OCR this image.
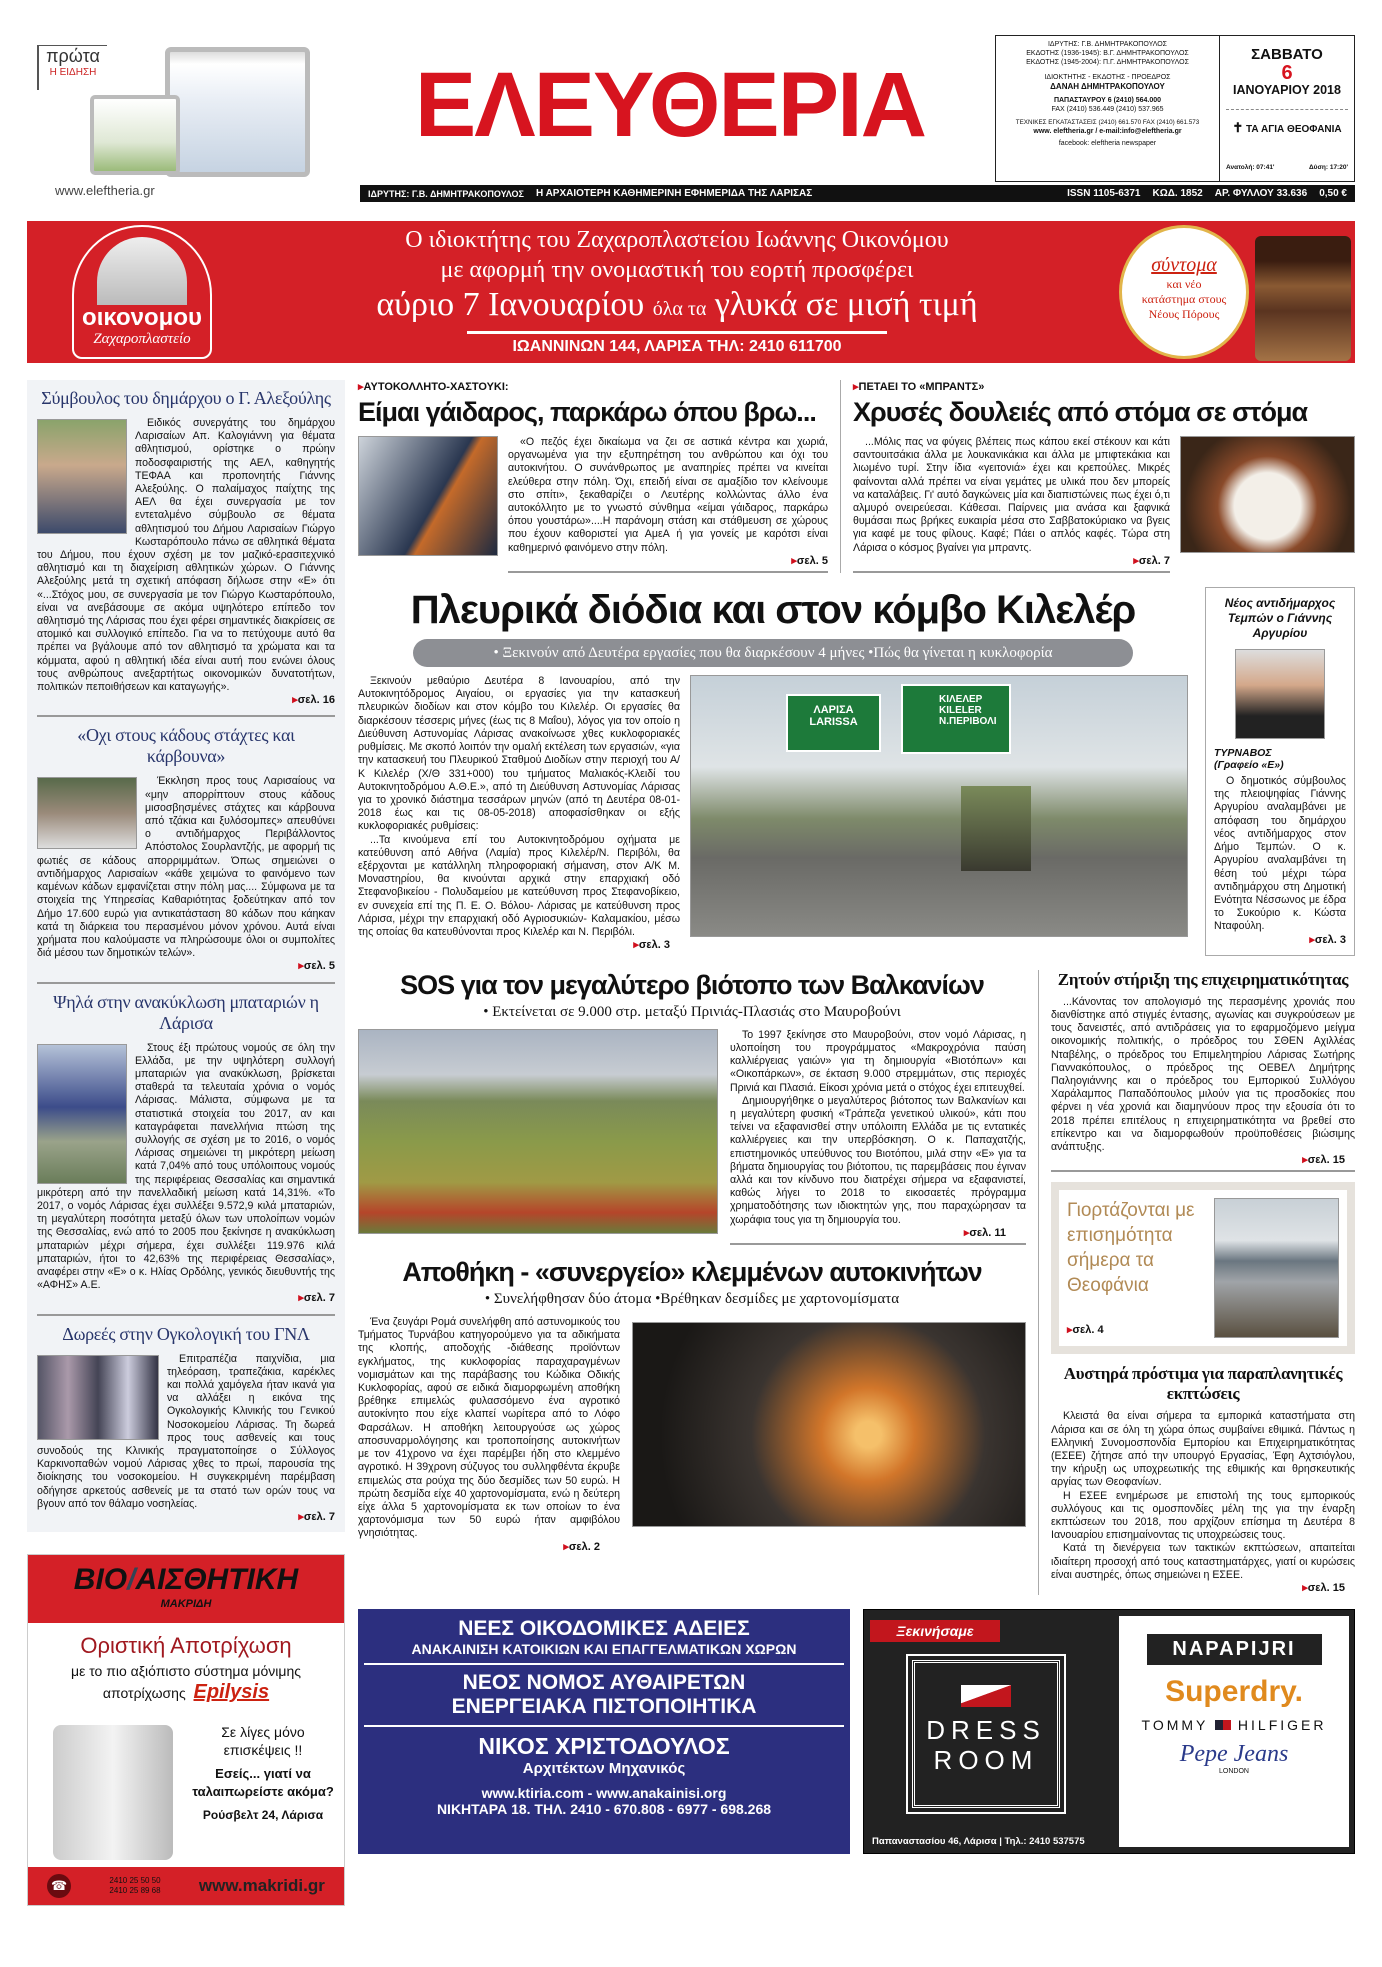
πρώτα
Η ΕΙΔΗΣΗ
www.eleftheria.gr
ΕΛΕΥΘΕΡΙΑ
ΙΔΡΥΤΗΣ: Γ.Β. ΔΗΜΗΤΡΑΚΟΠΟΥΛΟΣ
ΕΚΔΟΤΗΣ (1936-1945): Β.Γ. ΔΗΜΗΤΡΑΚΟΠΟΥΛΟΣ
ΕΚΔΟΤΗΣ (1945-2004): Π.Γ. ΔΗΜΗΤΡΑΚΟΠΟΥΛΟΣ
ΙΔΙΟΚΤΗΤΗΣ - ΕΚΔΟΤΗΣ - ΠΡΟΕΔΡΟΣ
ΔΑΝΑΗ ΔΗΜΗΤΡΑΚΟΠΟΥΛΟΥ
ΠΑΠΑΣΤΑΥΡΟΥ 6 (2410) 564.000
FAX (2410) 536.449 (2410) 537.965
ΤΕΧΝΙΚΕΣ ΕΓΚΑΤΑΣΤΑΣΕΙΣ (2410) 661.570 FAX (2410) 661.573
www. eleftheria.gr / e-mail:info@eleftheria.gr
facebook: eleftheria newspaper
ΣΑΒΒΑΤΟ
6
ΙΑΝΟΥΑΡΙΟΥ 2018
✝ ΤΑ ΑΓΙΑ ΘΕΟΦΑΝΙΑ
Ανατολή: 07:41'	Δύση: 17:20'
ΙΔΡΥΤΗΣ: Γ.Β. ΔΗΜΗΤΡΑΚΟΠΟΥΛΟΣ Η ΑΡΧΑΙΟΤΕΡΗ ΚΑΘΗΜΕΡΙΝΗ ΕΦΗΜΕΡΙΔΑ ΤΗΣ ΛΑΡΙΣΑΣ	ISSN 1105-6371 ΚΩΔ. 1852 ΑΡ. ΦΥΛΛΟΥ 33.636 0,50 €
οικονομου
Ζαχαροπλαστείο
Ο ιδιοκτήτης του Ζαχαροπλαστείου Ιωάννης Οικονόμου
με αφορμή την ονομαστική του εορτή προσφέρει
αύριο 7 Ιανουαρίου όλα τα γλυκά σε μισή τιμή
ΙΩΑΝΝΙΝΩΝ 144, ΛΑΡΙΣΑ ΤΗΛ: 2410 611700
σύντομα
και νέο κατάστημα στους Νέους Πόρους
Σύμβουλος του δημάρχου ο Γ. Αλεξούλης

Ειδικός συνεργάτης του δημάρχου Λαρισαίων Απ. Καλογιάννη για θέματα αθλητισμού, ορίστηκε ο πρώην ποδοσφαιριστής της ΑΕΛ, καθηγητής ΤΕΦΑΑ και προπονητής Γιάννης Αλεξούλης. Ο παλαίμαχος παίχτης της ΑΕΛ θα έχει συνεργασία με τον εντεταλμένο σύμβουλο σε θέματα αθλητισμού του Δήμου Λαρισαίων Γιώργο Κωσταρόπουλο πάνω σε αθλητικά θέματα του Δήμου, που έχουν σχέση με τον μαζικό-ερασιτεχνικό αθλητισμό και τη διαχείριση αθλητικών χώρων. Ο Γιάννης Αλεξούλης μετά τη σχετική απόφαση δήλωσε στην «Ε» ότι «...Στόχος μου, σε συνεργασία με τον Γιώργο Κωσταρόπουλο, είναι να ανεβάσουμε σε ακόμα υψηλότερο επίπεδο τον αθλητισμό της Λάρισας που έχει φέρει σημαντικές διακρίσεις σε ατομικό και συλλογικό επίπεδο. Για να το πετύχουμε αυτό θα πρέπει να βγάλουμε από τον αθλητισμό τα χρώματα και τα κόμματα, αφού η αθλητική ιδέα είναι αυτή που ενώνει όλους τους ανθρώπους ανεξαρτήτως οικονομικών δυνατοτήτων, πολιτικών πεποιθήσεων και καταγωγής».

▸ σελ. 16
«Οχι στους κάδους στάχτες και κάρβουνα»

Έκκληση προς τους Λαρισαίους να «μην απορρίπτουν στους κάδους μισοσβησμένες στάχτες και κάρβουνα από τζάκια και ξυλόσομπες» απευθύνει ο αντιδήμαρχος Περιβάλλοντος Απόστολος Σουρλαντζής, με αφορμή τις φωτιές σε κάδους απορριμμάτων. Όπως σημειώνει ο αντιδήμαρχος Λαρισαίων «κάθε χειμώνα το φαινόμενο των καμένων κάδων εμφανίζεται στην πόλη μας.... Σύμφωνα με τα στοιχεία της Υπηρεσίας Καθαριότητας ξοδεύτηκαν από τον Δήμο 17.600 ευρώ για αντικατάσταση 80 κάδων που κάηκαν κατά τη διάρκεια του περασμένου μόνον χρόνου. Αυτά είναι χρήματα που καλούμαστε να πληρώσουμε όλοι οι συμπολίτες διά μέσου των δημοτικών τελών».

▸ σελ. 5
Ψηλά στην ανακύκλωση μπαταριών η Λάρισα

Στους έξι πρώτους νομούς σε όλη την Ελλάδα, με την υψηλότερη συλλογή μπαταριών για ανακύκλωση, βρίσκεται σταθερά τα τελευταία χρόνια ο νομός Λάρισας. Μάλιστα, σύμφωνα με τα στατιστικά στοιχεία του 2017, αν και καταγράφεται πανελλήνια πτώση της συλλογής σε σχέση με το 2016, ο νομός Λάρισας σημειώνει τη μικρότερη μείωση κατά 7,04% από τους υπόλοιπους νομούς της περιφέρειας Θεσσαλίας και σημαντικά μικρότερη από την πανελλαδική μείωση κατά 14,31%. «Το 2017, ο νομός Λάρισας έχει συλλέξει 9.572,9 κιλά μπαταριών, τη μεγαλύτερη ποσότητα μεταξύ όλων των υπολοίπων νομών της Θεσσαλίας, ενώ από το 2005 που ξεκίνησε η ανακύκλωση μπαταριών μέχρι σήμερα, έχει συλλέξει 119.976 κιλά μπαταριών, ήτοι το 42,63% της περιφέρειας Θεσσαλίας», αναφέρει στην «Ε» ο κ. Ηλίας Ορδόλης, γενικός διευθυντής της «ΑΦΗΣ» Α.Ε.

▸ σελ. 7
Δωρεές στην Ογκολογική του ΓΝΛ

Επιτραπέζια παιχνίδια, μια τηλεόραση, τραπεζάκια, καρέκλες και πολλά χαμόγελα ήταν ικανά για να αλλάξει η εικόνα της Ογκολογικής Κλινικής του Γενικού Νοσοκομείου Λάρισας. Τη δωρεά προς τους ασθενείς και τους συνοδούς της Κλινικής πραγματοποίησε ο Σύλλογος Καρκινοπαθών νομού Λάρισας χθες το πρωί, παρουσία της διοίκησης του νοσοκομείου. Η συγκεκριμένη παρέμβαση οδήγησε αρκετούς ασθενείς με τα στατό των ορών τους να βγουν από τον θάλαμο νοσηλείας.

▸ σελ. 7
ΒΙΟ/ΑΙΣΘΗΤΙΚΗ
ΜΑΚΡΙΔΗ
Οριστική Αποτρίχωση
με το πιο αξιόπιστο σύστημα μόνιμης
αποτρίχωσης Epilysis
Σε λίγες μόνο επισκέψεις !!
Εσείς... γιατί να ταλαιπωρείστε ακόμα?
Ρούσβελτ 24, Λάρισα
☎	2410 25 50 50
2410 25 89 68 www.makridi.gr
▸ ΑΥΤΟΚΟΛΛΗΤΟ-ΧΑΣΤΟΥΚΙ:
Είμαι γάιδαρος, παρκάρω όπου βρω...

«Ο πεζός έχει δικαίωμα να ζει σε αστικά κέντρα και χωριά, οργανωμένα για την εξυπηρέτηση του ανθρώπου και όχι του αυτοκινήτου. Ο συνάνθρωπος με αναπηρίες πρέπει να κινείται ελεύθερα στην πόλη. Όχι, επειδή είναι σε αμαξίδιο τον κλείνουμε στο σπίτι», ξεκαθαρίζει ο Λευτέρης κολλώντας άλλο ένα αυτοκόλλητο με το γνωστό σύνθημα «είμαι γάιδαρος, παρκάρω όπου γουστάρω»....Η παράνομη στάση και στάθμευση σε χώρους που έχουν καθοριστεί για ΑμεΑ ή για γονείς με καρότσι είναι καθημερινό φαινόμενο στην πόλη.

▸ σελ. 5
▸ ΠΕΤΑΕΙ ΤΟ «ΜΠΡΑΝΤΣ»
Χρυσές δουλειές από στόμα σε στόμα

...Μόλις πας να φύγεις βλέπεις πως κάπου εκεί στέκουν και κάτι σαντουιτσάκια άλλα με λουκανικάκια και άλλα με μπιφτεκάκια και λιωμένο τυρί. Στην ίδια «γειτονιά» έχει και κρεπούλες. Μικρές φαίνονται αλλά πρέπει να είναι γεμάτες με υλικά που δεν μπορείς να καταλάβεις. Γι' αυτό δαγκώνεις μία και διαπιστώνεις πως έχει ό,τι αλμυρό ονειρεύεσαι. Κάθεσαι. Παίρνεις μια ανάσα και ξαφνικά θυμάσαι πως βρήκες ευκαιρία μέσα στο Σαββατοκύριακο να βγεις για καφέ με τους φίλους. Καφέ; Πάει ο απλός καφές. Τώρα στη Λάρισα ο κόσμος βγαίνει για μπραντς.

▸ σελ. 7
Πλευρικά διόδια και στον κόμβο Κιλελέρ
• Ξεκινούν από Δευτέρα εργασίες που θα διαρκέσουν 4 μήνες •Πώς θα γίνεται η κυκλοφορία

Ξεκινούν μεθαύριο Δευτέρα 8 Ιανουαρίου, από την Αυτοκινητόδρομος Αιγαίου, οι εργασίες για την κατασκευή πλευρικών διοδίων και στον κόμβο του Κιλελέρ. Οι εργασίες θα διαρκέσουν τέσσερις μήνες (έως τις 8 Μαΐου), λόγος για τον οποίο η Διεύθυνση Αστυνομίας Λάρισας ανακοίνωσε χθες κυκλοφοριακές ρυθμίσεις. Με σκοπό λοιπόν την ομαλή εκτέλεση των εργασιών, «για την κατασκευή του Πλευρικού Σταθμού Διοδίων στην περιοχή του Α/Κ Κιλελέρ (Χ/Θ 331+000) του τμήματος Μαλιακός-Κλειδί του Αυτοκινητοδρόμου Α.Θ.Ε.», από τη Διεύθυνση Αστυνομίας Λάρισας για το χρονικό διάστημα τεσσάρων μηνών (από τη Δευτέρα 08-01-2018 έως και τις 08-05-2018) αποφασίσθηκαν οι εξής κυκλοφοριακές ρυθμίσεις:

...Τα κινούμενα επί του Αυτοκινητοδρόμου οχήματα με κατεύθυνση από Αθήνα (Λαμία) προς Κιλελέρ/Ν. Περιβόλι, θα εξέρχονται με κατάλληλη πληροφοριακή σήμανση, στον Α/Κ Μ. Μοναστηρίου, θα κινούνται αρχικά στην επαρχιακή οδό Στεφανοβικείου - Πολυδαμείου με κατεύθυνση προς Στεφανοβίκειο, εν συνεχεία επί της Π. Ε. Ο. Βόλου- Λάρισας με κατεύθυνση προς Λάρισα, μέχρι την επαρχιακή οδό Αγριοσυκιών- Καλαμακίου, μέσω της οποίας θα κατευθύνονται προς Κιλελέρ και Ν. Περιβόλι.

▸ σελ. 3
ΛΑΡΙΣΑ
LARISSA
ΚΙΛΕΛΕΡ
KILELER
Ν.ΠΕΡΙΒΟΛΙ
Νέος αντιδήμαρχος Τεμπών ο Γιάννης Αργυρίου
ΤΥΡΝΑΒΟΣ
(Γραφείο «Ε»)

Ο δημοτικός σύμβουλος της πλειοψηφίας Γιάννης Αργυρίου αναλαμβάνει με απόφαση του δημάρχου νέος αντιδήμαρχος στον Δήμο Τεμπών. Ο κ. Αργυρίου αναλαμβάνει τη θέση τού μέχρι τώρα αντιδημάρχου στη Δημοτική Ενότητα Νέσσωνος με έδρα το Συκούριο κ. Κώστα Νταφούλη.

▸ σελ. 3
SOS για τον μεγαλύτερο βιότοπο των Βαλκανίων
• Εκτείνεται σε 9.000 στρ. μεταξύ Πρινιάς-Πλασιάς στο Μαυροβούνι

Το 1997 ξεκίνησε στο Μαυροβούνι, στον νομό Λάρισας, η υλοποίηση του προγράμματος «Μακροχρόνια παύση καλλιέργειας γαιών» για τη δημιουργία «Βιοτόπων» και «Οικοπάρκων», σε έκταση 9.000 στρεμμάτων, στις περιοχές Πρινιά και Πλασιά. Είκοσι χρόνια μετά ο στόχος έχει επιτευχθεί.

Δημιουργήθηκε ο μεγαλύτερος βιότοπος των Βαλκανίων και η μεγαλύτερη φυσική «Τράπεζα γενετικού υλικού», κάτι που τείνει να εξαφανισθεί στην υπόλοιπη Ελλάδα με τις εντατικές καλλιέργειες και την υπερβόσκηση. Ο κ. Παπαχατζής, επιστημονικός υπεύθυνος του Βιοτόπου, μιλά στην «Ε» για τα βήματα δημιουργίας του βιότοπου, τις παρεμβάσεις που έγιναν αλλά και τον κίνδυνο που διατρέχει σήμερα να εξαφανιστεί, καθώς λήγει το 2018 το εικοσαετές πρόγραμμα χρηματοδότησης των ιδιοκτητών γης, που παραχώρησαν τα χωράφια τους για τη δημιουργία του.

▸ σελ. 11
Αποθήκη - «συνεργείο» κλεμμένων αυτοκινήτων
• Συνελήφθησαν δύο άτομα •Βρέθηκαν δεσμίδες με χαρτονομίσματα

Ένα ζευγάρι Ρομά συνελήφθη από αστυνομικούς του Τμήματος Τυρνάβου κατηγορούμενο για τα αδικήματα της κλοπής, αποδοχής -διάθεσης προϊόντων εγκλήματος, της κυκλοφορίας παραχαραγμένων νομισμάτων και της παράβασης του Κώδικα Οδικής Κυκλοφορίας, αφού σε ειδικά διαμορφωμένη αποθήκη βρέθηκε επιμελώς φυλασσόμενο ένα αγροτικό αυτοκίνητο που είχε κλαπεί νωρίτερα από το Λόφο Φαρσάλων. Η αποθήκη λειτουργούσε ως χώρος αποσυναρμολόγησης και τροποποίησης αυτοκινήτων με τον 41χρονο να έχει παρέμβει ήδη στο κλεμμένο αγροτικό. Η 39χρονη σύζυγος του συλληφθέντα έκρυβε επιμελώς στα ρούχα της δύο δεσμίδες των 50 ευρώ. Η πρώτη δεσμίδα είχε 40 χαρτονομίσματα, ενώ η δεύτερη είχε άλλα 5 χαρτονομίσματα εκ των οποίων το ένα χαρτονόμισμα των 50 ευρώ ήταν αμφιβόλου γνησιότητας.

▸ σελ. 2
Ζητούν στήριξη της επιχειρηματικότητας

...Κάνοντας τον απολογισμό της περασμένης χρονιάς που διανθίστηκε από στιγμές έντασης, αγωνίας και συγκρούσεων με τους δανειστές, από αντιδράσεις για το εφαρμοζόμενο μείγμα οικονομικής πολιτικής, ο πρόεδρος του ΣΘΕΝ Αχιλλέας Νταβέλης, ο πρόεδρος του Επιμελητηρίου Λάρισας Σωτήρης Γιαννακόπουλος, ο πρόεδρος της ΟΕΒΕΛ Δημήτρης Παληογιάννης και ο πρόεδρος του Εμπορικού Συλλόγου Χαράλαμπος Παπαδόπουλος μιλούν για τις προσδοκίες που φέρνει η νέα χρονιά και διαμηνύουν προς την εξουσία ότι το 2018 πρέπει επιτέλους η επιχειρηματικότητα να βρεθεί στο επίκεντρο και να διαμορφωθούν προϋποθέσεις βιώσιμης ανάπτυξης.

▸ σελ. 15
Γιορτάζονται με επισημότητα σήμερα τα Θεοφάνια
▸ σελ. 4
Αυστηρά πρόστιμα για παραπλανητικές εκπτώσεις

Κλειστά θα είναι σήμερα τα εμπορικά καταστήματα στη Λάρισα και σε όλη τη χώρα όπως συμβαίνει εθιμικά. Πάντως η Ελληνική Συνομοσπονδία Εμπορίου και Επιχειρηματικότητας (ΕΣΕΕ) ζήτησε από την υπουργό Εργασίας, Έφη Αχτσιόγλου, την κήρυξη ως υποχρεωτικής της εθιμικής και θρησκευτικής αργίας των Θεοφανίων.

Η ΕΣΕΕ ενημέρωσε με επιστολή της τους εμπορικούς συλλόγους και τις ομοσπονδίες μέλη της για την έναρξη εκπτώσεων του 2018, που αρχίζουν επίσημα τη Δευτέρα 8 Ιανουαρίου επισημαίνοντας τις υποχρεώσεις τους.

Κατά τη διενέργεια των τακτικών εκπτώσεων, απαιτείται ιδιαίτερη προσοχή από τους καταστηματάρχες, γιατί οι κυρώσεις είναι αυστηρές, όπως σημειώνει η ΕΣΕΕ.

▸ σελ. 15
ΝΕΕΣ ΟΙΚΟΔΟΜΙΚΕΣ ΑΔΕΙΕΣ
ΑΝΑΚΑΙΝΙΣΗ ΚΑΤΟΙΚΙΩΝ ΚΑΙ ΕΠΑΓΓΕΛΜΑΤΙΚΩΝ ΧΩΡΩΝ
ΝΕΟΣ ΝΟΜΟΣ ΑΥΘΑΙΡΕΤΩΝ
ΕΝΕΡΓΕΙΑΚΑ ΠΙΣΤΟΠΟΙΗΤΙΚΑ
ΝΙΚΟΣ ΧΡΙΣΤΟΔΟΥΛΟΣ
Αρχιτέκτων Μηχανικός
www.ktiria.com - www.anakainisi.org
ΝΙΚΗΤΑΡΑ 18. ΤΗΛ. 2410 - 670.808 - 6977 - 698.268
Ξεκινήσαμε
DRESS
ROOM
Παπαναστασίου 46, Λάρισα | Τηλ.: 2410 537575
NAPAPIJRI
Superdry.
TOMMY HILFIGER
Pepe Jeans
LONDON
